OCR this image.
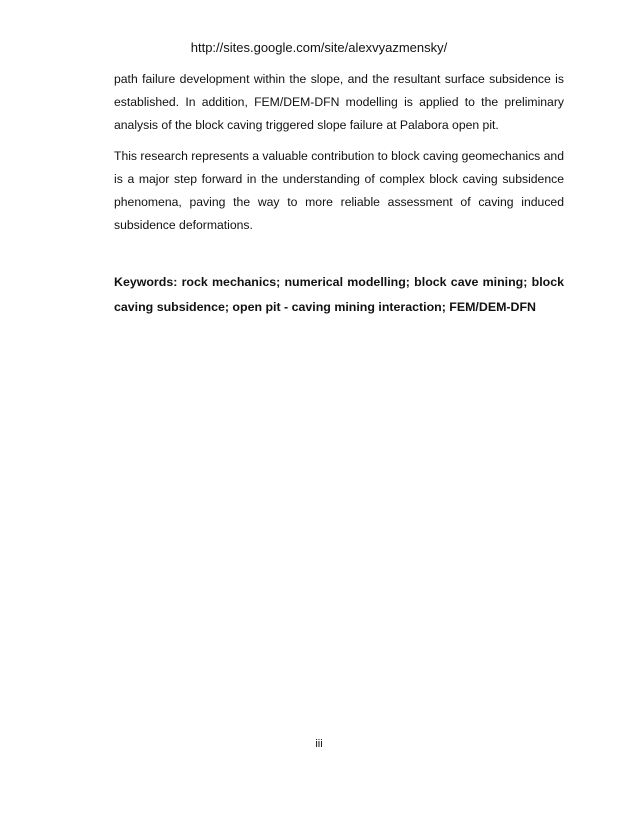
http://sites.google.com/site/alexvyazmensky/

path failure development within the slope, and the resultant surface subsidence is established. In addition, FEM/DEM-DFN modelling is applied to the preliminary analysis of the block caving triggered slope failure at Palabora open pit.

This research represents a valuable contribution to block caving geomechanics and is a major step forward in the understanding of complex block caving subsidence phenomena, paving the way to more reliable assessment of caving induced subsidence deformations.

Keywords: rock mechanics; numerical modelling; block cave mining; block caving subsidence; open pit - caving mining interaction; FEM/DEM-DFN

iii
